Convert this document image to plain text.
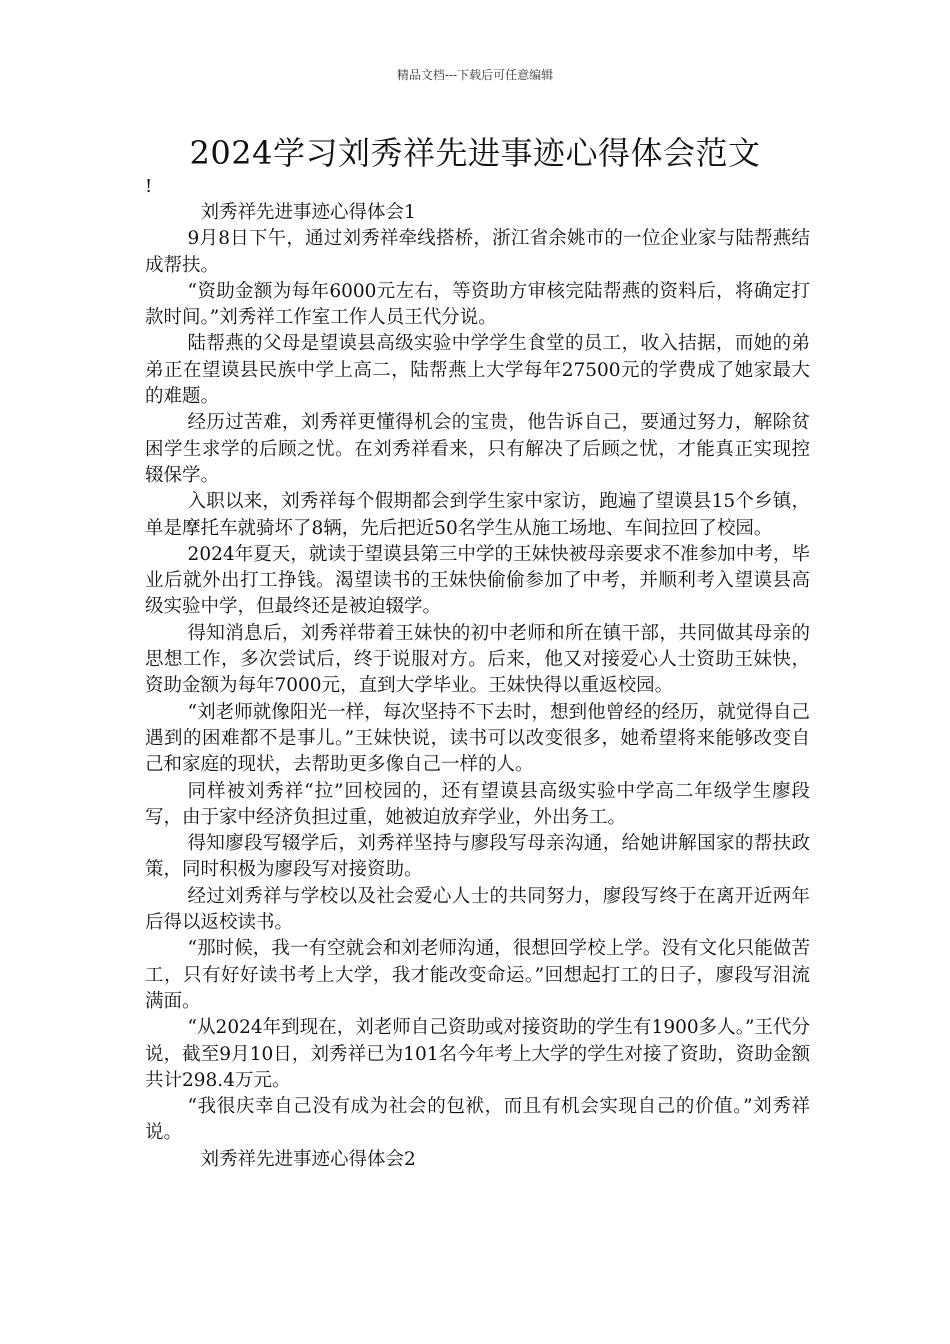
精品文档---下载后可任意编辑
2024学习刘秀祥先进事迹心得体会范文
!

刘秀祥先进事迹心得体会1

9月8日下午，通过刘秀祥牵线搭桥，浙江省余姚市的一位企业家与陆帮燕结成帮扶。

“资助金额为每年6000元左右，等资助方审核完陆帮燕的资料后，将确定打款时间。”刘秀祥工作室工作人员王代分说。

陆帮燕的父母是望谟县高级实验中学学生食堂的员工，收入拮据，而她的弟弟正在望谟县民族中学上高二，陆帮燕上大学每年27500元的学费成了她家最大的难题。

经历过苦难，刘秀祥更懂得机会的宝贵，他告诉自己，要通过努力，解除贫困学生求学的后顾之忧。在刘秀祥看来，只有解决了后顾之忧，才能真正实现控辍保学。

入职以来，刘秀祥每个假期都会到学生家中家访，跑遍了望谟县15个乡镇，单是摩托车就骑坏了8辆，先后把近50名学生从施工场地、车间拉回了校园。

2024年夏天，就读于望谟县第三中学的王妹快被母亲要求不准参加中考，毕业后就外出打工挣钱。渴望读书的王妹快偷偷参加了中考，并顺利考入望谟县高级实验中学，但最终还是被迫辍学。

得知消息后，刘秀祥带着王妹快的初中老师和所在镇干部，共同做其母亲的思想工作，多次尝试后，终于说服对方。后来，他又对接爱心人士资助王妹快，资助金额为每年7000元，直到大学毕业。王妹快得以重返校园。

“刘老师就像阳光一样，每次坚持不下去时，想到他曾经的经历，就觉得自己遇到的困难都不是事儿。”王妹快说，读书可以改变很多，她希望将来能够改变自己和家庭的现状，去帮助更多像自己一样的人。

同样被刘秀祥“拉”回校园的，还有望谟县高级实验中学高二年级学生廖段写，由于家中经济负担过重，她被迫放弃学业，外出务工。

得知廖段写辍学后，刘秀祥坚持与廖段写母亲沟通，给她讲解国家的帮扶政策，同时积极为廖段写对接资助。

经过刘秀祥与学校以及社会爱心人士的共同努力，廖段写终于在离开近两年后得以返校读书。

“那时候，我一有空就会和刘老师沟通，很想回学校上学。没有文化只能做苦工，只有好好读书考上大学，我才能改变命运。”回想起打工的日子，廖段写泪流满面。

“从2024年到现在，刘老师自己资助或对接资助的学生有1900多人。”王代分说，截至9月10日，刘秀祥已为101名今年考上大学的学生对接了资助，资助金额共计298.4万元。

“我很庆幸自己没有成为社会的包袱，而且有机会实现自己的价值。”刘秀祥说。

刘秀祥先进事迹心得体会2
